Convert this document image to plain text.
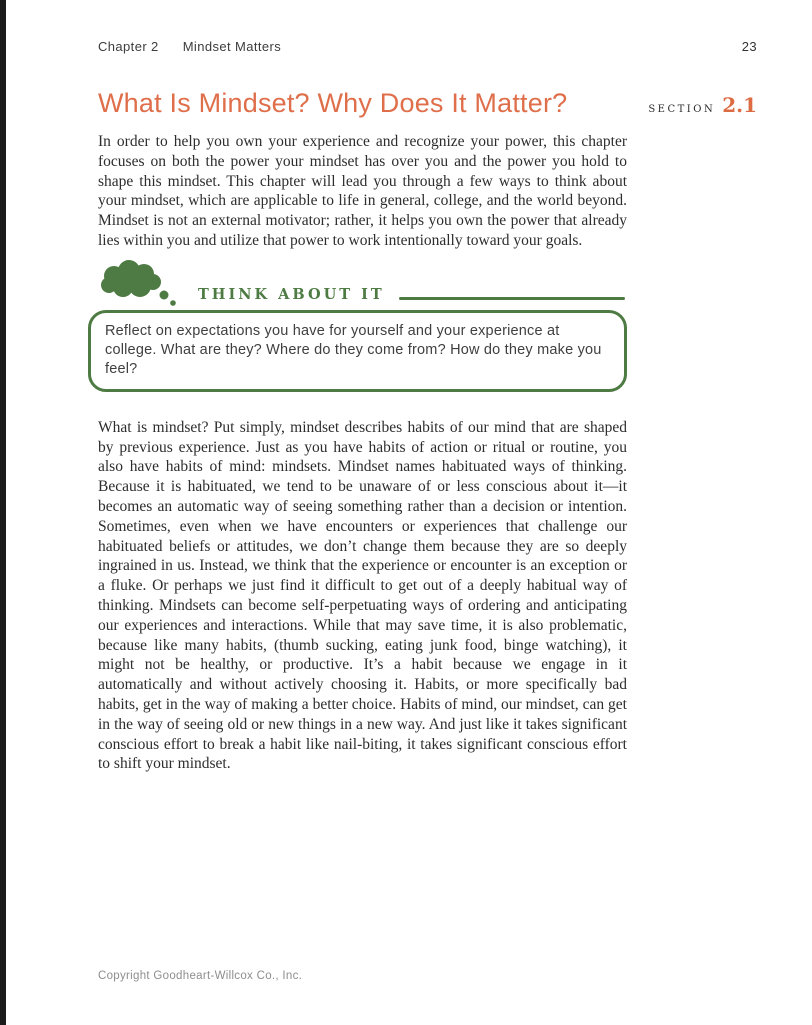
Chapter 2 Mindset Matters	23
What Is Mindset? Why Does It Matter?	SECTION 2.1

In order to help you own your experience and recognize your power, this chapter focuses on both the power your mindset has over you and the power you hold to shape this mindset. This chapter will lead you through a few ways to think about your mindset, which are applicable to life in general, college, and the world beyond. Mindset is not an external motivator; rather, it helps you own the power that already lies within you and utilize that power to work intentionally toward your goals.

THINK ABOUT IT

Reflect on expectations you have for yourself and your experience at college. What are they? Where do they come from? How do they make you feel?

What is mindset? Put simply, mindset describes habits of our mind that are shaped by previous experience. Just as you have habits of action or ritual or routine, you also have habits of mind: mindsets. Mindset names habituated ways of thinking. Because it is habituated, we tend to be unaware of or less conscious about it—it becomes an automatic way of seeing something rather than a decision or intention. Sometimes, even when we have encounters or experiences that challenge our habituated beliefs or attitudes, we don’t change them because they are so deeply ingrained in us. Instead, we think that the experience or encounter is an exception or a fluke. Or perhaps we just find it difficult to get out of a deeply habitual way of thinking. Mindsets can become self-perpetuating ways of ordering and anticipating our experiences and interactions. While that may save time, it is also problematic, because like many habits, (thumb sucking, eating junk food, binge watching), it might not be healthy, or productive. It’s a habit because we engage in it automatically and without actively choosing it. Habits, or more specifically bad habits, get in the way of making a better choice. Habits of mind, our mindset, can get in the way of seeing old or new things in a new way. And just like it takes significant conscious effort to break a habit like nail-biting, it takes significant conscious effort to shift your mindset.

Copyright Goodheart-Willcox Co., Inc.
